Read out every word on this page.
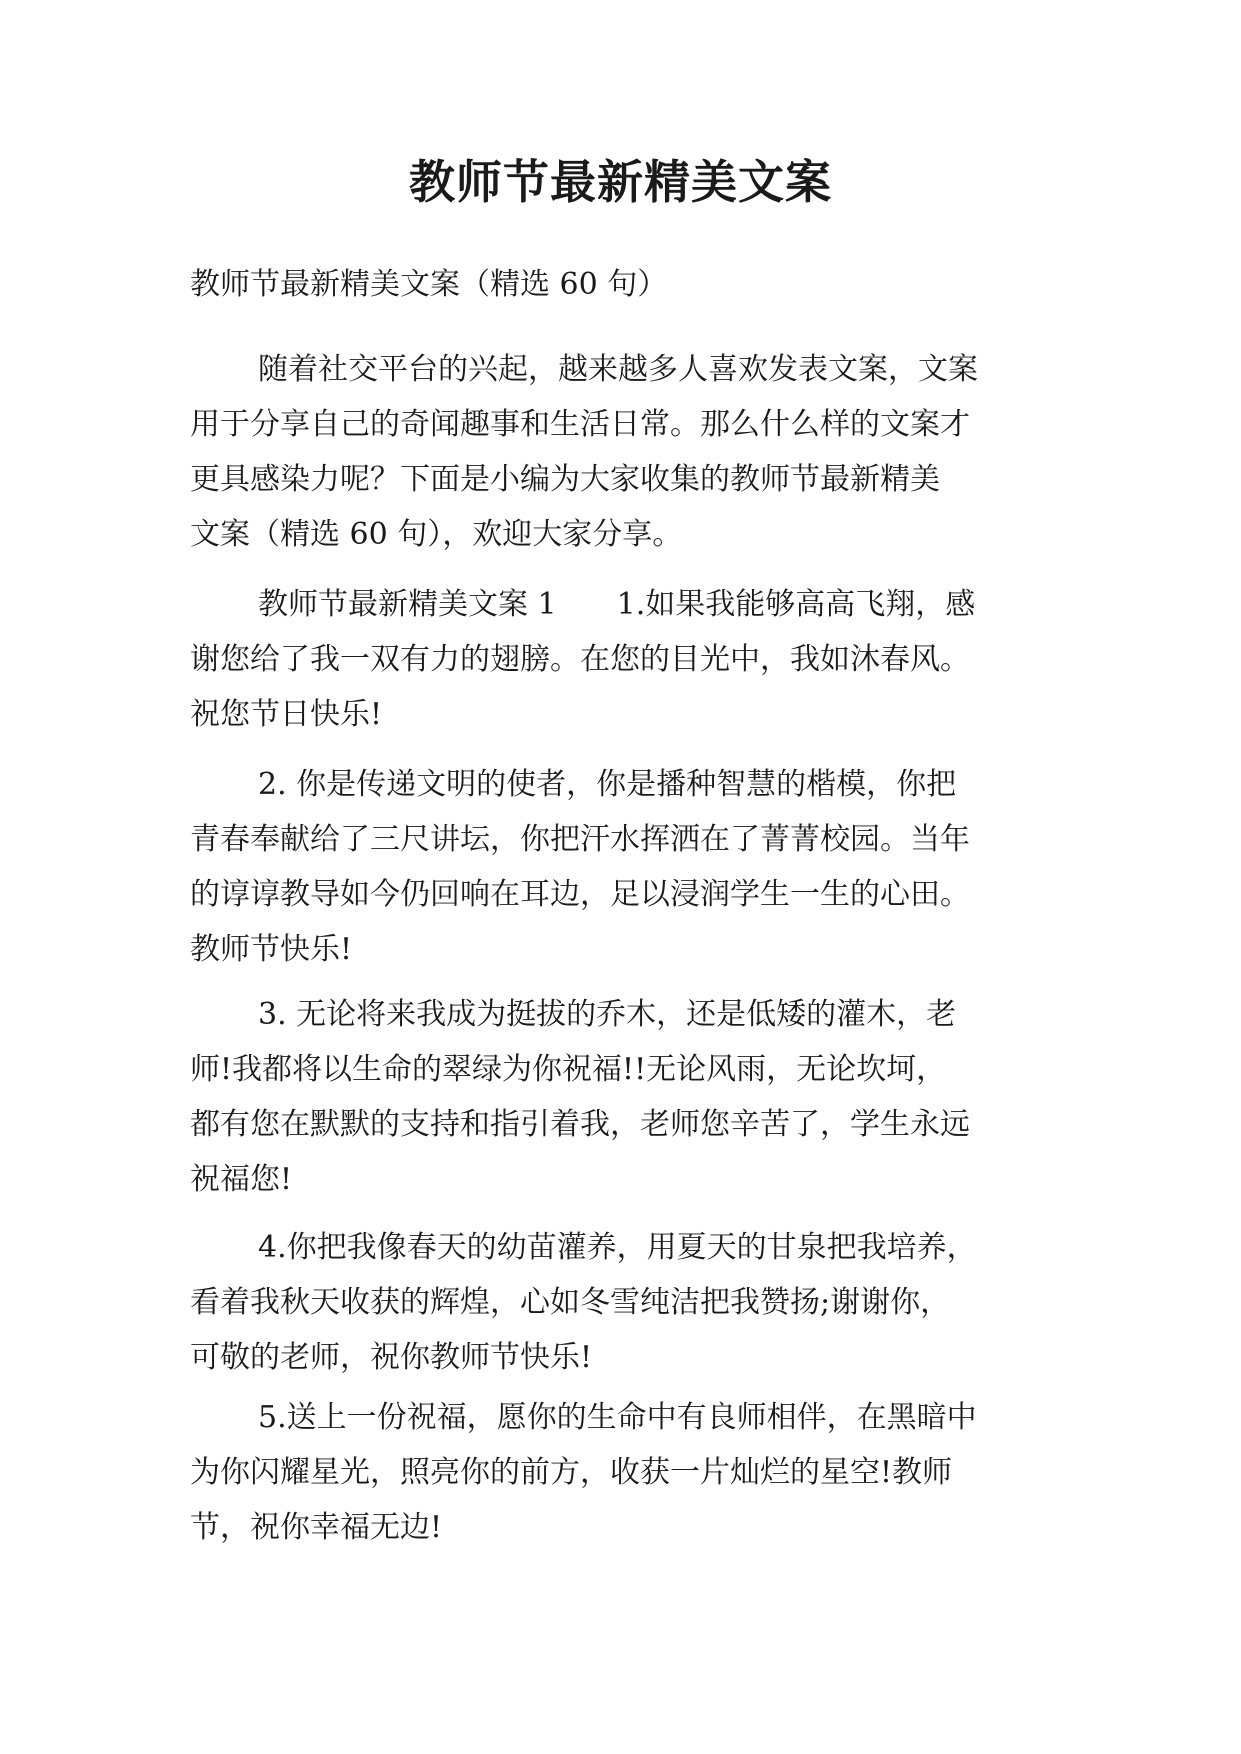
教师节最新精美文案
教师节最新精美文案（精选 60 句）
随着社交平台的兴起，越来越多人喜欢发表文案，文案
用于分享自己的奇闻趣事和生活日常。那么什么样的文案才
更具感染力呢？下面是小编为大家收集的教师节最新精美
文案（精选 60 句），欢迎大家分享。
教师节最新精美文案 1　　1.如果我能够高高飞翔，感
谢您给了我一双有力的翅膀。在您的目光中，我如沐春风。
祝您节日快乐!
2. 你是传递文明的使者，你是播种智慧的楷模，你把
青春奉献给了三尺讲坛，你把汗水挥洒在了菁菁校园。当年
的谆谆教导如今仍回响在耳边，足以浸润学生一生的心田。
教师节快乐!
3. 无论将来我成为挺拔的乔木，还是低矮的灌木，老
师!我都将以生命的翠绿为你祝福!!无论风雨，无论坎坷，
都有您在默默的支持和指引着我，老师您辛苦了，学生永远
祝福您!
4.你把我像春天的幼苗灌养，用夏天的甘泉把我培养，
看着我秋天收获的辉煌，心如冬雪纯洁把我赞扬;谢谢你，
可敬的老师，祝你教师节快乐!
5.送上一份祝福，愿你的生命中有良师相伴，在黑暗中
为你闪耀星光，照亮你的前方，收获一片灿烂的星空!教师
节，祝你幸福无边!
